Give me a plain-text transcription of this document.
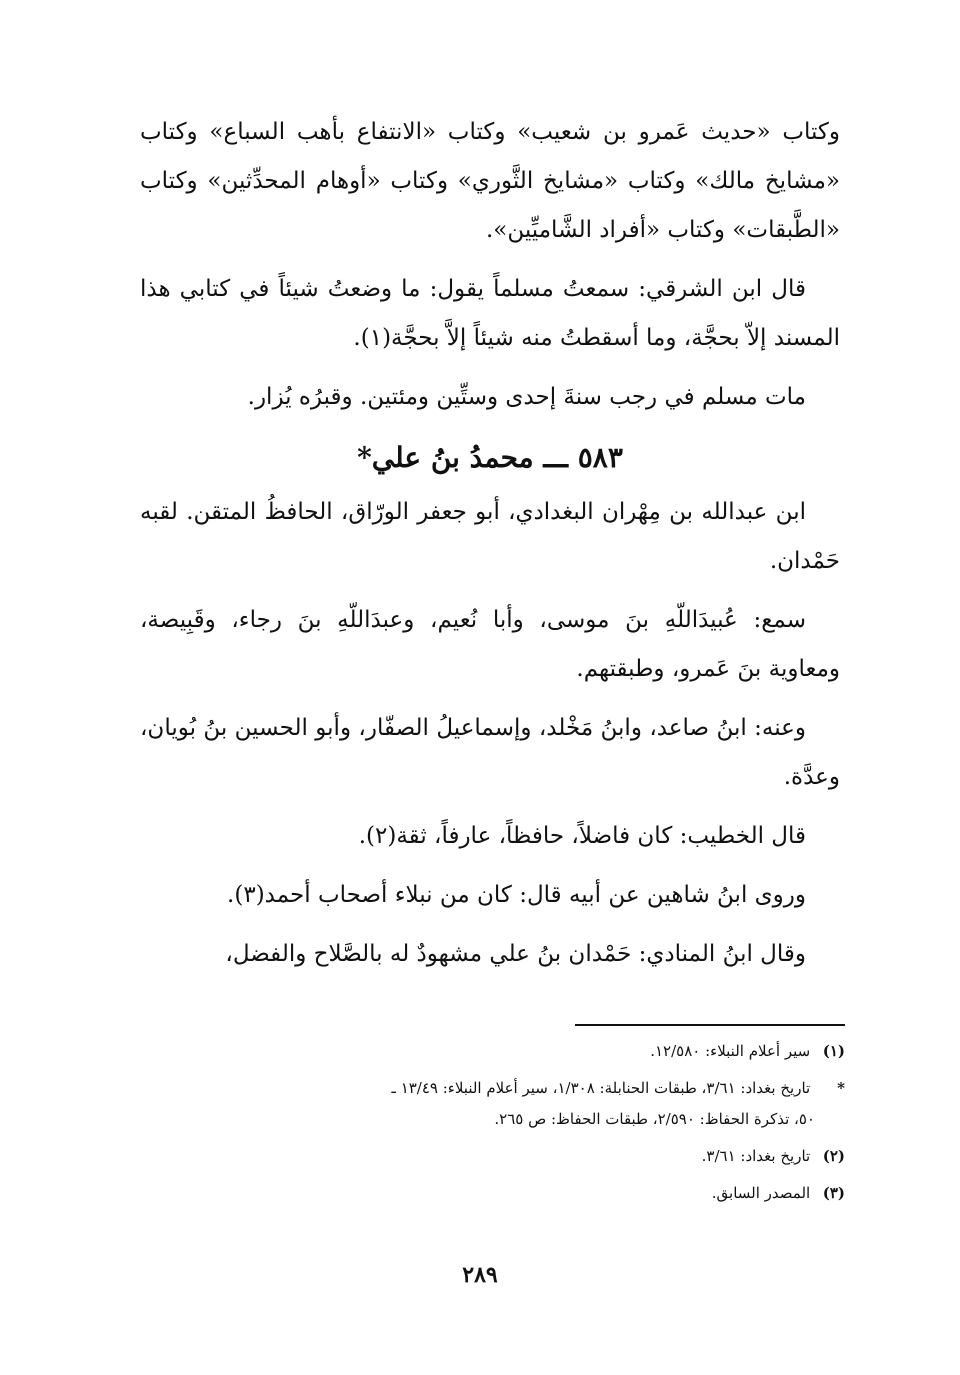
وكتاب «حديث عَمرو بن شعيب» وكتاب «الانتفاع بأهب السباع» وكتاب «مشايخ مالك» وكتاب «مشايخ الثَّوري» وكتاب «أوهام المحدِّثين» وكتاب «الطَّبقات» وكتاب «أفراد الشَّاميِّين».

قال ابن الشرقي: سمعتُ مسلماً يقول: ما وضعتُ شيئاً في كتابي هذا المسند إلاّ بحجَّة، وما أسقطتُ منه شيئاً إلاَّ بحجَّة(١).

مات مسلم في رجب سنةَ إحدى وستِّين ومئتين. وقبرُه يُزار.

٥٨٣ ـــ محمدُ بنُ علي*

ابن عبدالله بن مِهْران البغدادي، أبو جعفر الورّاق، الحافظُ المتقن. لقبه حَمْدان.

سمع: عُبيدَاللّهِ بنَ موسى، وأبا نُعيم، وعبدَاللّهِ بنَ رجاء، وقَبِيصة، ومعاوية بنَ عَمرو، وطبقتهم.

وعنه: ابنُ صاعد، وابنُ مَخْلد، وإسماعيلُ الصفّار، وأبو الحسين بنُ بُويان، وعدَّة.

قال الخطيب: كان فاضلاً، حافظاً، عارفاً، ثقة(٢).

وروى ابنُ شاهين عن أبيه قال: كان من نبلاء أصحاب أحمد(٣).

وقال ابنُ المنادي: حَمْدان بنُ علي مشهودٌ له بالصَّلاح والفضل،

(١) سير أعلام النبلاء: ١٢/٥٨٠.
* تاريخ بغداد: ٣/٦١، طبقات الحنابلة: ١/٣٠٨، سير أعلام النبلاء: ١٣/٤٩ ـ
٥٠، تذكرة الحفاظ: ٢/٥٩٠، طبقات الحفاظ: ص ٢٦٥.
(٢) تاريخ بغداد: ٣/٦١.
(٣) المصدر السابق.
٢٨٩
